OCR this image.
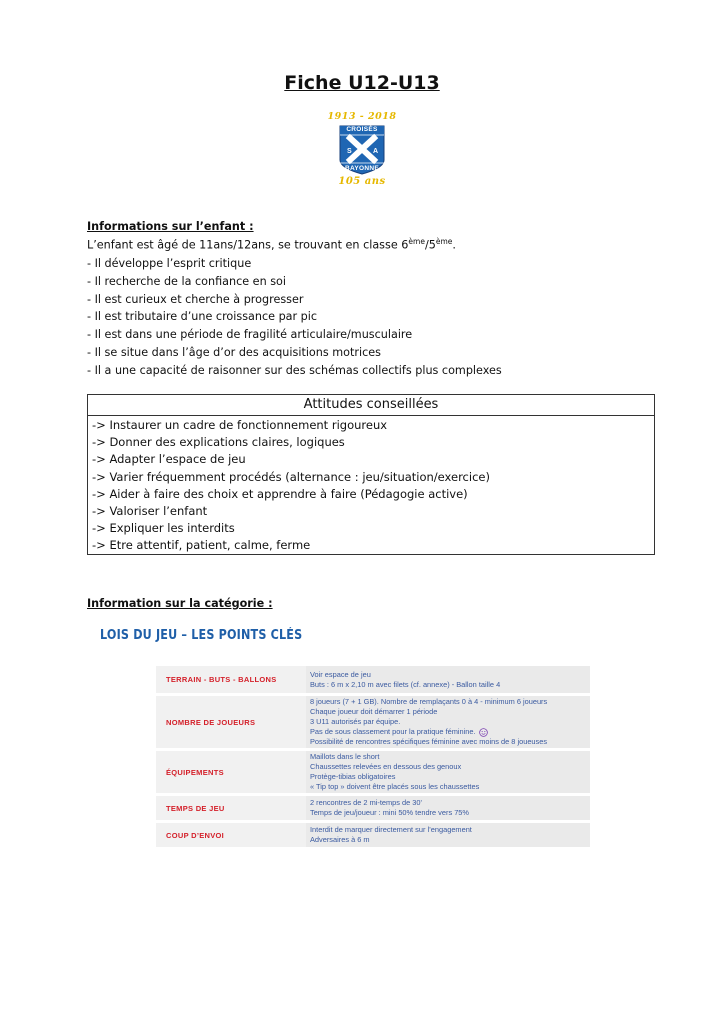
Fiche U12-U13
1913 - 2018
CROISÉS
S	A
BAYONNE
105 ans
Informations sur l’enfant :

L’enfant est âgé de 11ans/12ans, se trouvant en classe 6ème/5ème.

- Il développe l’esprit critique
- Il recherche de la confiance en soi
- Il est curieux et cherche à progresser
- Il est tributaire d’une croissance par pic
- Il est dans une période de fragilité articulaire/musculaire
- Il se situe dans l’âge d’or des acquisitions motrices
- Il a une capacité de raisonner sur des schémas collectifs plus complexes
Attitudes conseillées
-> Instaurer un cadre de fonctionnement rigoureux
-> Donner des explications claires, logiques
-> Adapter l’espace de jeu
-> Varier fréquemment procédés (alternance : jeu/situation/exercice)
-> Aider à faire des choix et apprendre à faire (Pédagogie active)
-> Valoriser l’enfant
-> Expliquer les interdits
-> Etre attentif, patient, calme, ferme
Information sur la catégorie :
LOIS DU JEU – LES POINTS CLÉS
TERRAIN - BUTS - BALLONS	Voir espace de jeu
Buts : 6 m x 2,10 m avec filets (cf. annexe) - Ballon taille 4

NOMBRE DE JOUEURS	8 joueurs (7 + 1 GB). Nombre de remplaçants 0 à 4 - minimum 6 joueurs
Chaque joueur doit démarrer 1 période
3 U11 autorisés par équipe.
Pas de sous classement pour la pratique féminine.
Possibilité de rencontres spécifiques féminine avec moins de 8 joueuses

ÉQUIPEMENTS	Maillots dans le short
Chaussettes relevées en dessous des genoux
Protège-tibias obligatoires
« Tip top » doivent être placés sous les chaussettes

TEMPS DE JEU	2 rencontres de 2 mi-temps de 30'
Temps de jeu/joueur : mini 50% tendre vers 75%

COUP D’ENVOI	Interdit de marquer directement sur l’engagement
Adversaires à 6 m
